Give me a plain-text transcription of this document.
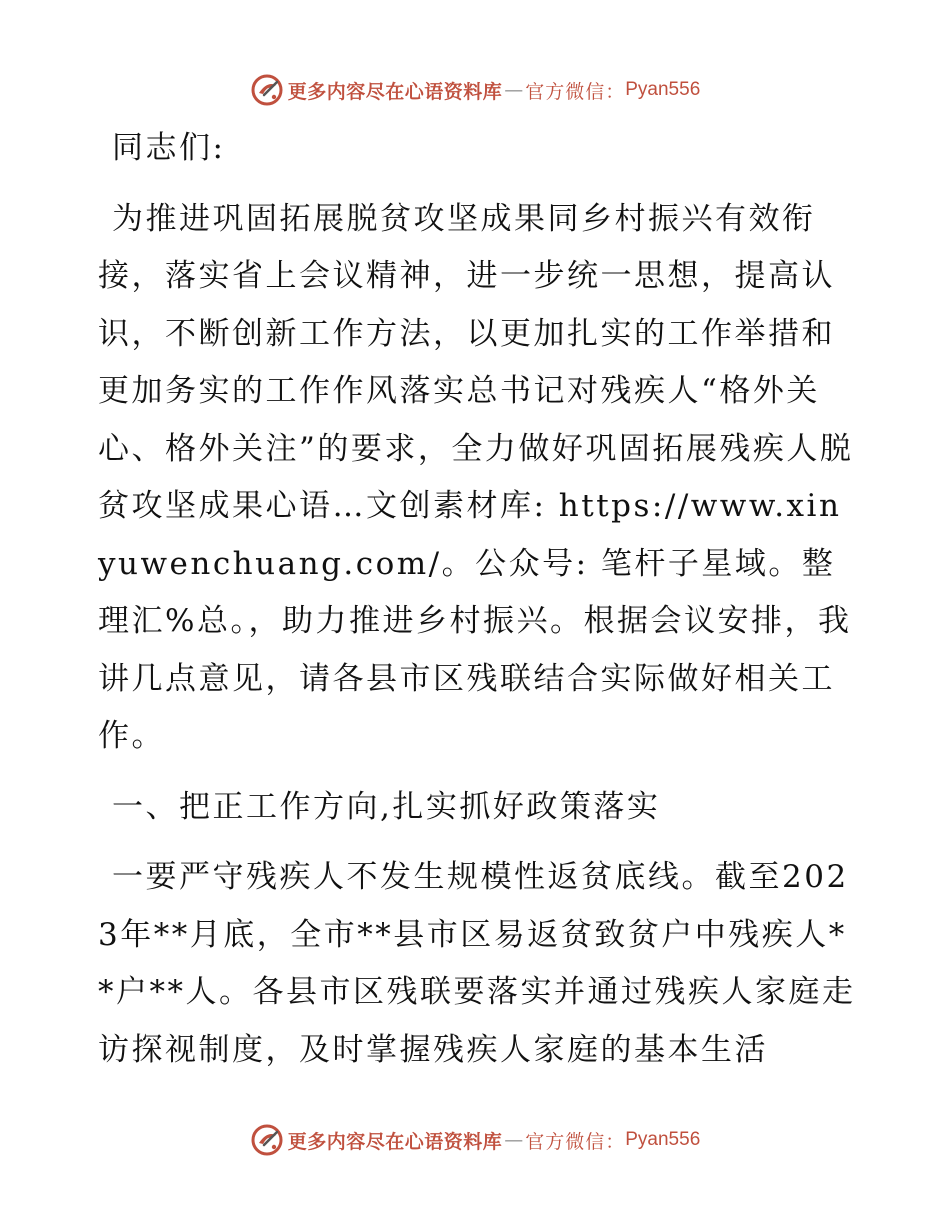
更多内容尽在心语资料库 — 官方微信： Pyan556

同志们:

为推进巩固拓展脱贫攻坚成果同乡村振兴有效衔接，落实省上会议精神，进一步统一思想，提高认识，不断创新工作方法，以更加扎实的工作举措和更加务实的工作作风落实总书记对残疾人“格外关心、格外关注”的要求，全力做好巩固拓展残疾人脱贫攻坚成果心语…文创素材库: https://www.xinyuwenchuang.com/。公众号: 笔杆子星域。整理汇%总。，助力推进乡村振兴。根据会议安排，我讲几点意见，请各县市区残联结合实际做好相关工作。

一、把正工作方向,扎实抓好政策落实

一要严守残疾人不发生规模性返贫底线。截至2023年**月底，全市**县市区易返贫致贫户中残疾人**户**人。各县市区残联要落实并通过残疾人家庭走访探视制度，及时掌握残疾人家庭的基本生活

更多内容尽在心语资料库 — 官方微信： Pyan556
